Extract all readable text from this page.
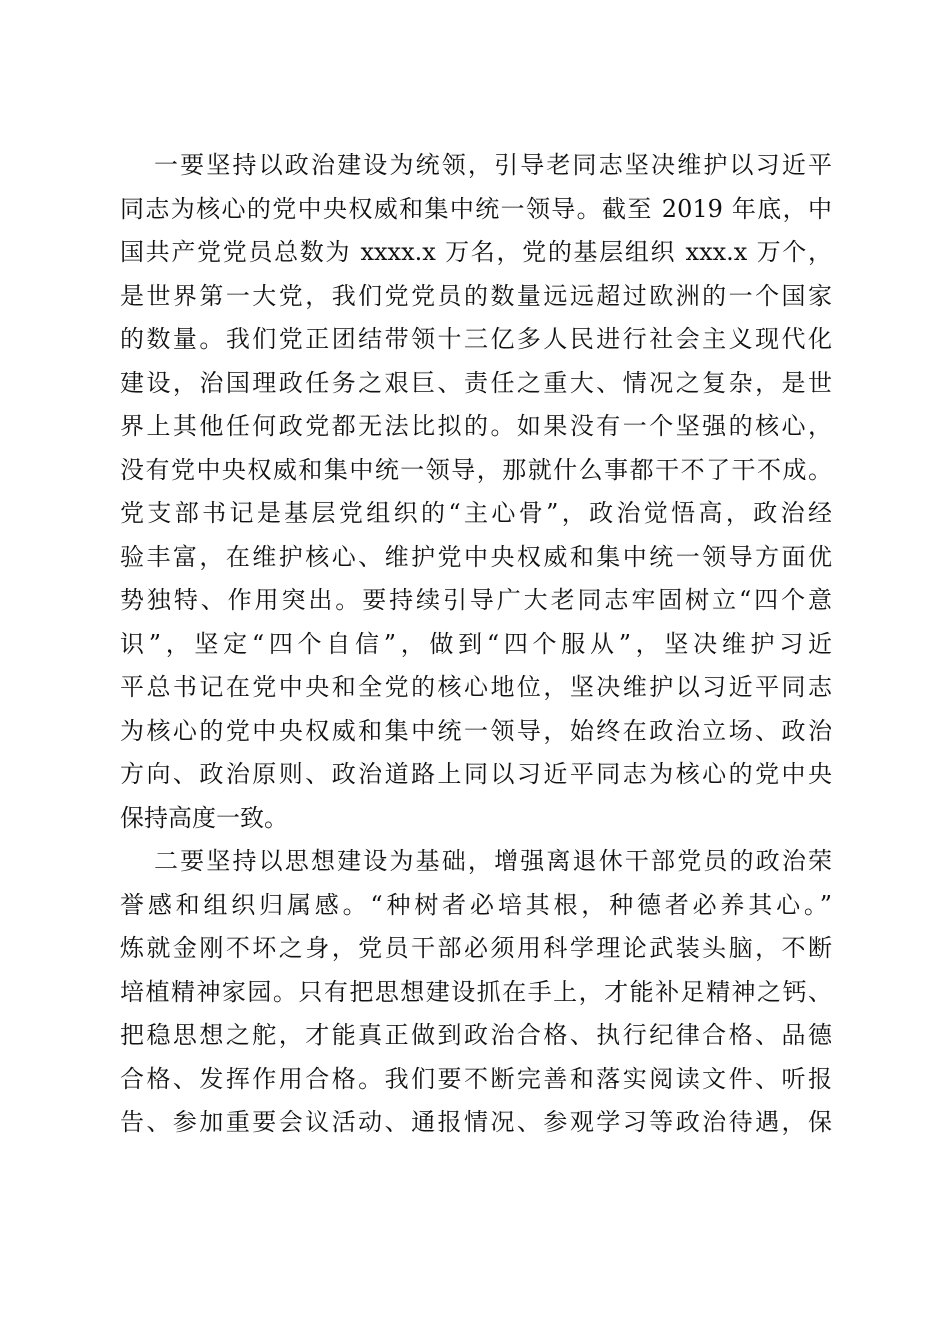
一要坚持以政治建设为统领，引导老同志坚决维护以习近平
同志为核心的党中央权威和集中统一领导。截至 2019 年底，中
国共产党党员总数为 xxxx.x 万名，党的基层组织 xxx.x 万个，
是世界第一大党，我们党党员的数量远远超过欧洲的一个国家
的数量。我们党正团结带领十三亿多人民进行社会主义现代化
建设，治国理政任务之艰巨、责任之重大、情况之复杂，是世
界上其他任何政党都无法比拟的。如果没有一个坚强的核心，
没有党中央权威和集中统一领导，那就什么事都干不了干不成。
党支部书记是基层党组织的“主心骨”，政治觉悟高，政治经
验丰富，在维护核心、维护党中央权威和集中统一领导方面优
势独特、作用突出。要持续引导广大老同志牢固树立“四个意
识”，坚定“四个自信”，做到“四个服从”，坚决维护习近
平总书记在党中央和全党的核心地位，坚决维护以习近平同志
为核心的党中央权威和集中统一领导，始终在政治立场、政治
方向、政治原则、政治道路上同以习近平同志为核心的党中央
保持高度一致。
二要坚持以思想建设为基础，增强离退休干部党员的政治荣
誉感和组织归属感。“种树者必培其根，种德者必养其心。”
炼就金刚不坏之身，党员干部必须用科学理论武装头脑，不断
培植精神家园。只有把思想建设抓在手上，才能补足精神之钙、
把稳思想之舵，才能真正做到政治合格、执行纪律合格、品德
合格、发挥作用合格。我们要不断完善和落实阅读文件、听报
告、参加重要会议活动、通报情况、参观学习等政治待遇，保
